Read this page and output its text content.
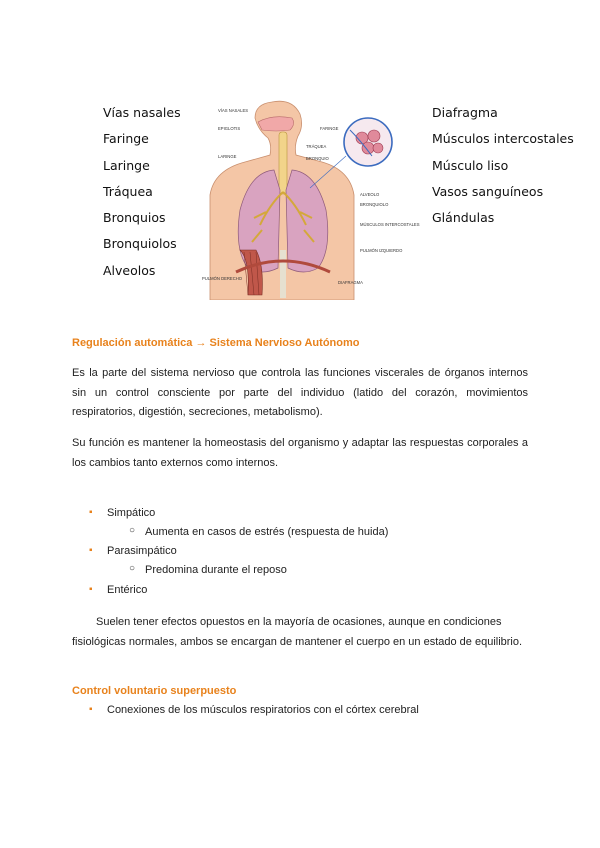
Vías nasales
Faringe
Laringe
Tráquea
Bronquios
Bronquiolos
Alveolos
VÍAS NASALES
EPIGLOTIS
LARINGE
FARINGE
TRÁQUEA
BRONQUIO
ALVEOLO
BRONQUIOLO
MÚSCULOS INTERCOSTALES
PULMÓN IZQUIERDO
PULMÓN DERECHO
DIAFRAGMA
Diafragma
Músculos intercostales
Músculo liso
Vasos sanguíneos
Glándulas
Regulación automática → Sistema Nervioso Autónomo
Es la parte del sistema nervioso que controla las funciones viscerales de órganos internos sin un control consciente por parte del individuo (latido del corazón, movimientos respiratorios, digestión, secreciones, metabolismo).
Su función es mantener la homeostasis del organismo y adaptar las respuestas corporales a los cambios tanto externos como internos.
▪ Simpático
○ Aumenta en casos de estrés (respuesta de huida)
▪ Parasimpático
○ Predomina durante el reposo
▪ Entérico
Suelen tener efectos opuestos en la mayoría de ocasiones, aunque en condiciones fisiológicas normales, ambos se encargan de mantener el cuerpo en un estado de equilibrio.
Control voluntario superpuesto
▪ Conexiones de los músculos respiratorios con el córtex cerebral
